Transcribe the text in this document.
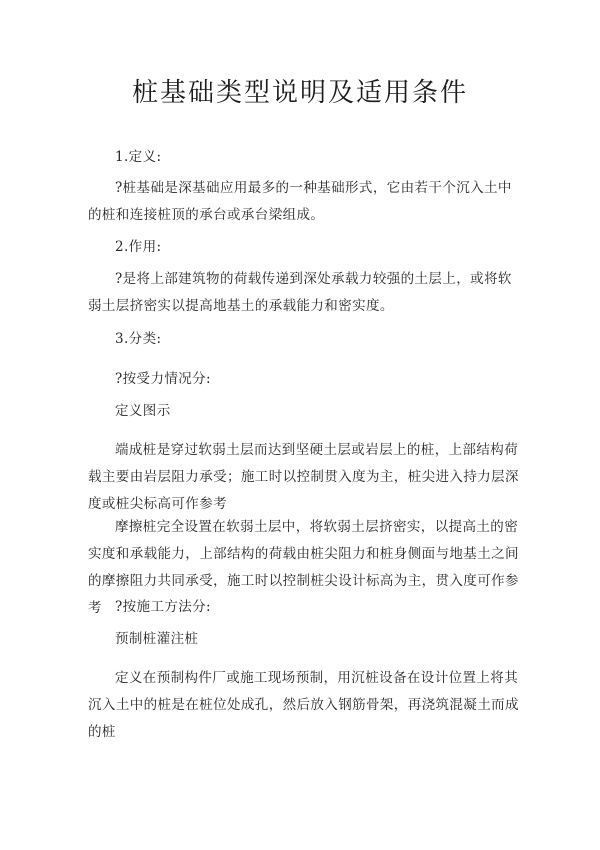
桩基础类型说明及适用条件

1.定义:

?桩基础是深基础应用最多的一种基础形式，它由若干个沉入土中的桩和连接桩顶的承台或承台梁组成。

2.作用:

?是将上部建筑物的荷载传递到深处承载力较强的土层上，或将软弱土层挤密实以提高地基土的承载能力和密实度。

3.分类:

?按受力情况分:

定义图示

端成桩是穿过软弱土层而达到坚硬土层或岩层上的桩，上部结构荷载主要由岩层阻力承受；施工时以控制贯入度为主，桩尖进入持力层深度或桩尖标高可作参考

摩擦桩完全设置在软弱土层中，将软弱土层挤密实，以提高土的密实度和承载能力，上部结构的荷载由桩尖阻力和桩身侧面与地基土之间的摩擦阻力共同承受，施工时以控制桩尖设计标高为主，贯入度可作参考 ?按施工方法分:

预制桩灌注桩

定义在预制构件厂或施工现场预制，用沉桩设备在设计位置上将其沉入土中的桩是在桩位处成孔，然后放入钢筋骨架，再浇筑混凝土而成的桩
